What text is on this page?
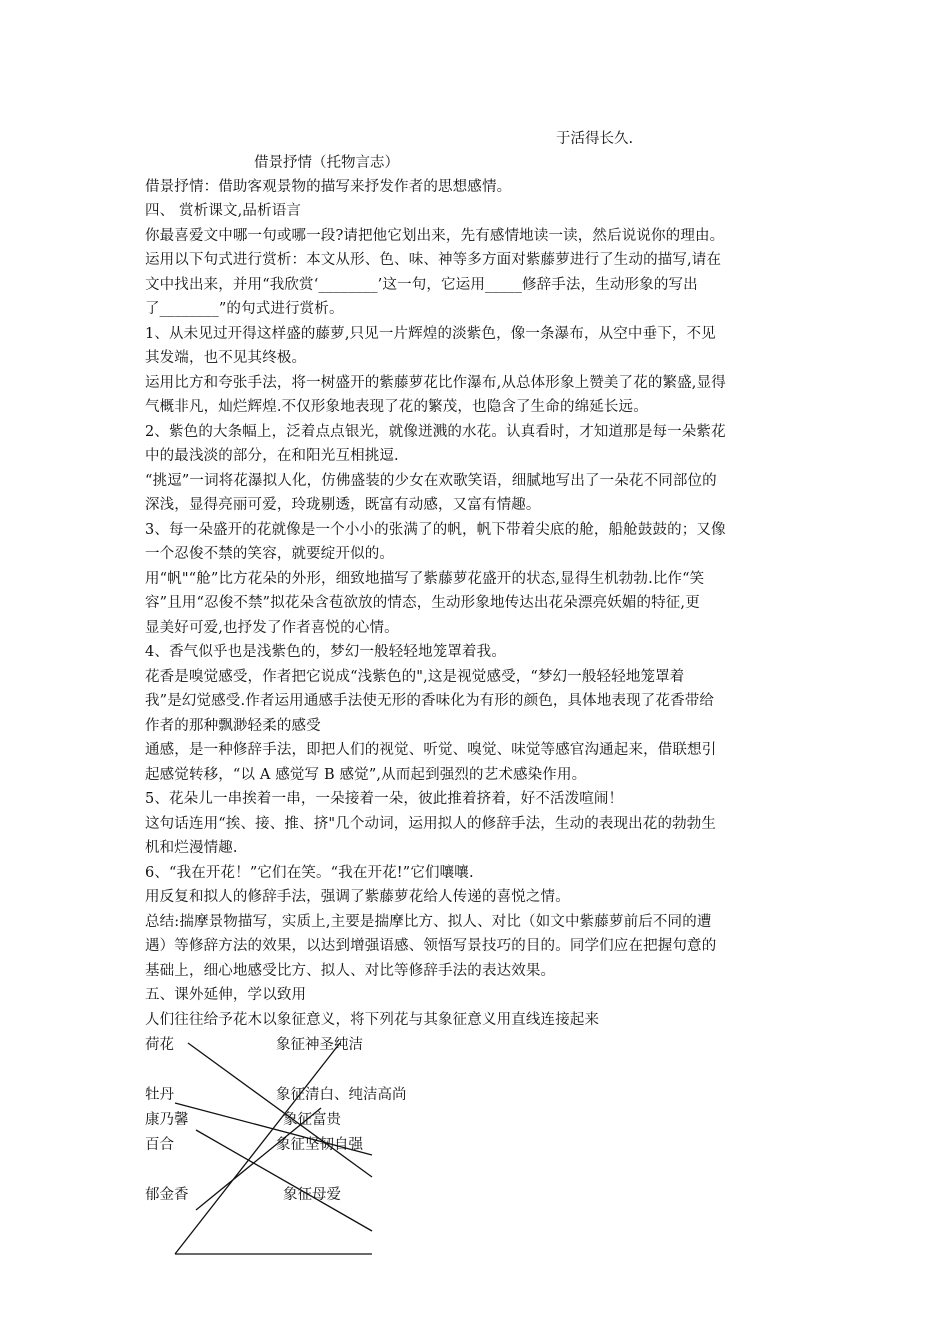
于活得长久.
借景抒情（托物言志）
借景抒情：借助客观景物的描写来抒发作者的思想感情。
四、 赏析课文,品析语言
你最喜爱文中哪一句或哪一段?请把他它划出来，先有感情地读一读，然后说说你的理由。
运用以下句式进行赏析：本文从形、色、味、神等多方面对紫藤萝进行了生动的描写,请在
文中找出来，并用“我欣赏‘________’这一句，它运用_____修辞手法，生动形象的写出
了________”的句式进行赏析。
1、从未见过开得这样盛的藤萝,只见一片辉煌的淡紫色，像一条瀑布，从空中垂下，不见
其发端，也不见其终极。
运用比方和夸张手法，将一树盛开的紫藤萝花比作瀑布,从总体形象上赞美了花的繁盛,显得
气概非凡，灿烂辉煌.不仅形象地表现了花的繁茂，也隐含了生命的绵延长远。
2、紫色的大条幅上，泛着点点银光，就像迸溅的水花。认真看时，才知道那是每一朵紫花
中的最浅淡的部分，在和阳光互相挑逗.
“挑逗”一词将花瀑拟人化，仿佛盛装的少女在欢歌笑语，细腻地写出了一朵花不同部位的
深浅，显得亮丽可爱，玲珑剔透，既富有动感，又富有情趣。
3、每一朵盛开的花就像是一个小小的张满了的帆，帆下带着尖底的舱，船舱鼓鼓的；又像
一个忍俊不禁的笑容，就要绽开似的。
用“帆"“舱”比方花朵的外形，细致地描写了紫藤萝花盛开的状态,显得生机勃勃.比作“笑
容”且用“忍俊不禁”拟花朵含苞欲放的情态，生动形象地传达出花朵漂亮妖媚的特征,更
显美好可爱,也抒发了作者喜悦的心情。
4、香气似乎也是浅紫色的，梦幻一般轻轻地笼罩着我。
花香是嗅觉感受，作者把它说成“浅紫色的",这是视觉感受，“梦幻一般轻轻地笼罩着
我”是幻觉感受.作者运用通感手法使无形的香味化为有形的颜色，具体地表现了花香带给
作者的那种飘渺轻柔的感受
通感，是一种修辞手法，即把人们的视觉、听觉、嗅觉、味觉等感官沟通起来，借联想引
起感觉转移，“以 A 感觉写 B 感觉”,从而起到强烈的艺术感染作用。
5、花朵儿一串挨着一串，一朵接着一朵，彼此推着挤着，好不活泼喧闹！
这句话连用“挨、接、推、挤"几个动词，运用拟人的修辞手法，生动的表现出花的勃勃生
机和烂漫情趣.
6、“我在开花！”它们在笑。“我在开花!”它们嚷嚷.
用反复和拟人的修辞手法，强调了紫藤萝花给人传递的喜悦之情。
总结:揣摩景物描写，实质上,主要是揣摩比方、拟人、对比（如文中紫藤萝前后不同的遭
遇）等修辞方法的效果，以达到增强语感、领悟写景技巧的目的。同学们应在把握句意的
基础上，细心地感受比方、拟人、对比等修辞手法的表达效果。
五、课外延伸，学以致用
人们往往给予花木以象征意义，将下列花与其象征意义用直线连接起来
荷花
牡丹
康乃馨
百合
郁金香
象征神圣纯洁
象征清白、纯洁高尚
象征富贵
象征坚韧自强
象征母爱
